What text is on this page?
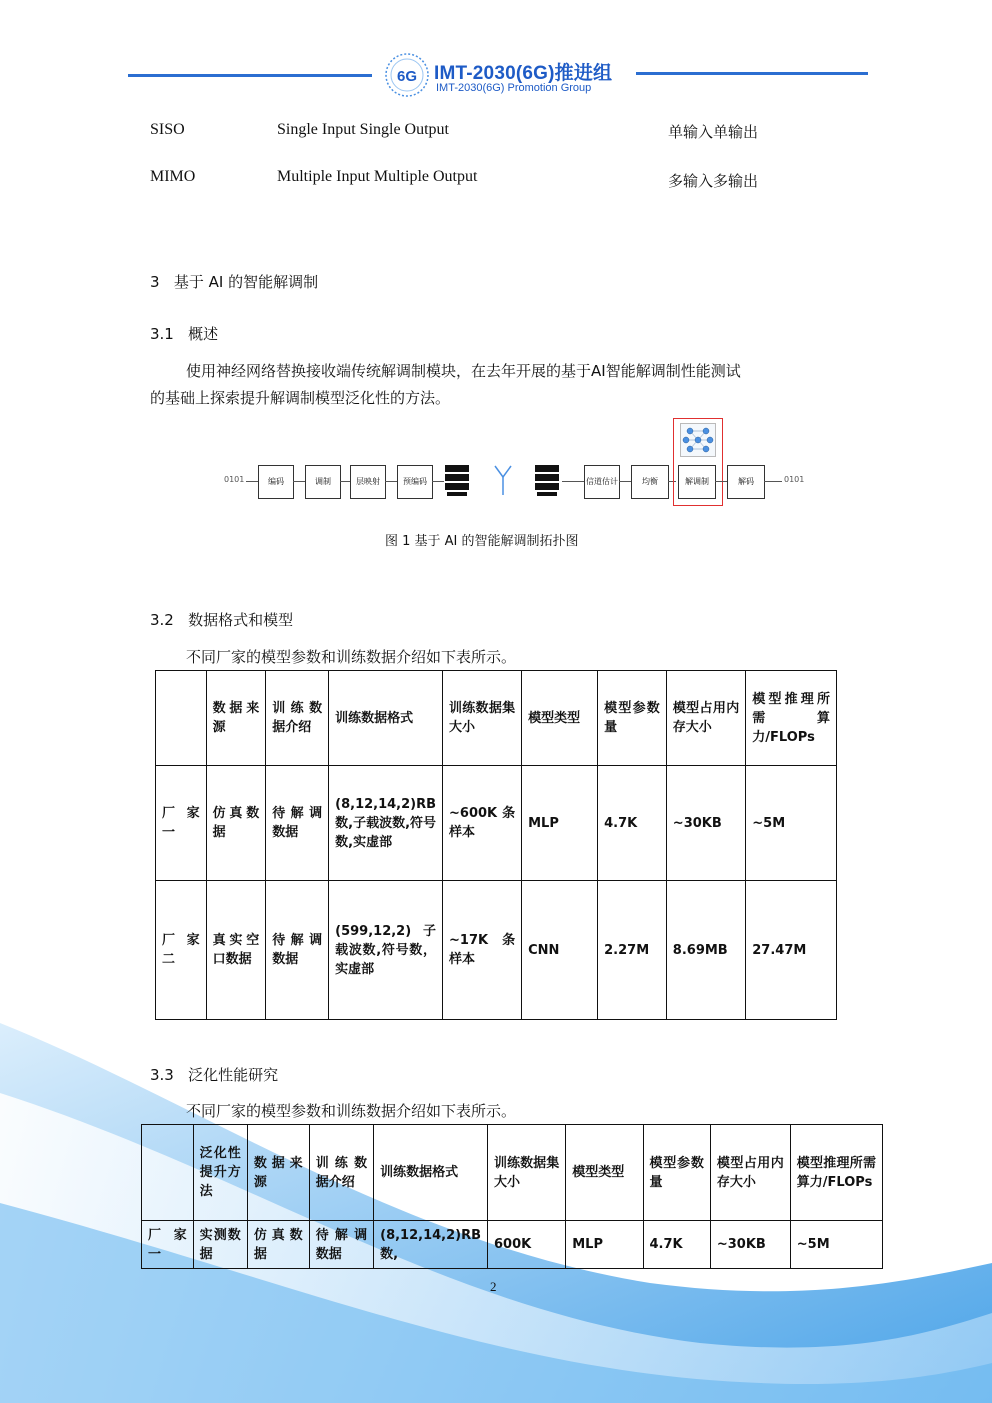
6G IMT-2030(6G)推进组
IMT-2030(6G) Promotion Group
SISO	Single Input Single Output	单输入单输出
MIMO	Multiple Input Multiple Output	多输入多输出
3   基于 AI 的智能解调制
3.1   概述
使用神经网络替换接收端传统解调制模块，在去年开展的基于AI智能解调制性能测试
的基础上探索提升解调制模型泛化性的方法。
0101	编码	调制	层映射	预编码	信道估计	均衡	解调制	解码	0101
图 1 基于 AI 的智能解调制拓扑图
3.2   数据格式和模型
不同厂家的模型参数和训练数据介绍如下表所示。
	数据来源	训练数据介绍	训练数据格式	训练数据集大小	模型类型	模型参数量	模型占用内存大小	模型推理所需算力/FLOPs
厂家一	仿真数据	待解调数据	(8,12,14,2)RB数,子载波数,符号数,实虚部	~600K 条样本	MLP	4.7K	~30KB	~5M
厂家二	真实空口数据	待解调数据	(599,12,2) 子载波数,符号数，实虚部	~17K 条样本	CNN	2.27M	8.69MB	27.47M
3.3   泛化性能研究
不同厂家的模型参数和训练数据介绍如下表所示。
	泛化性提升方法	数据来源	训练数据介绍	训练数据格式	训练数据集大小	模型类型	模型参数量	模型占用内存大小	模型推理所需算力/FLOPs
厂家一	实测数据	仿真数据	待解调数据	(8,12,14,2)RB数,	600K	MLP	4.7K	~30KB	~5M
2
